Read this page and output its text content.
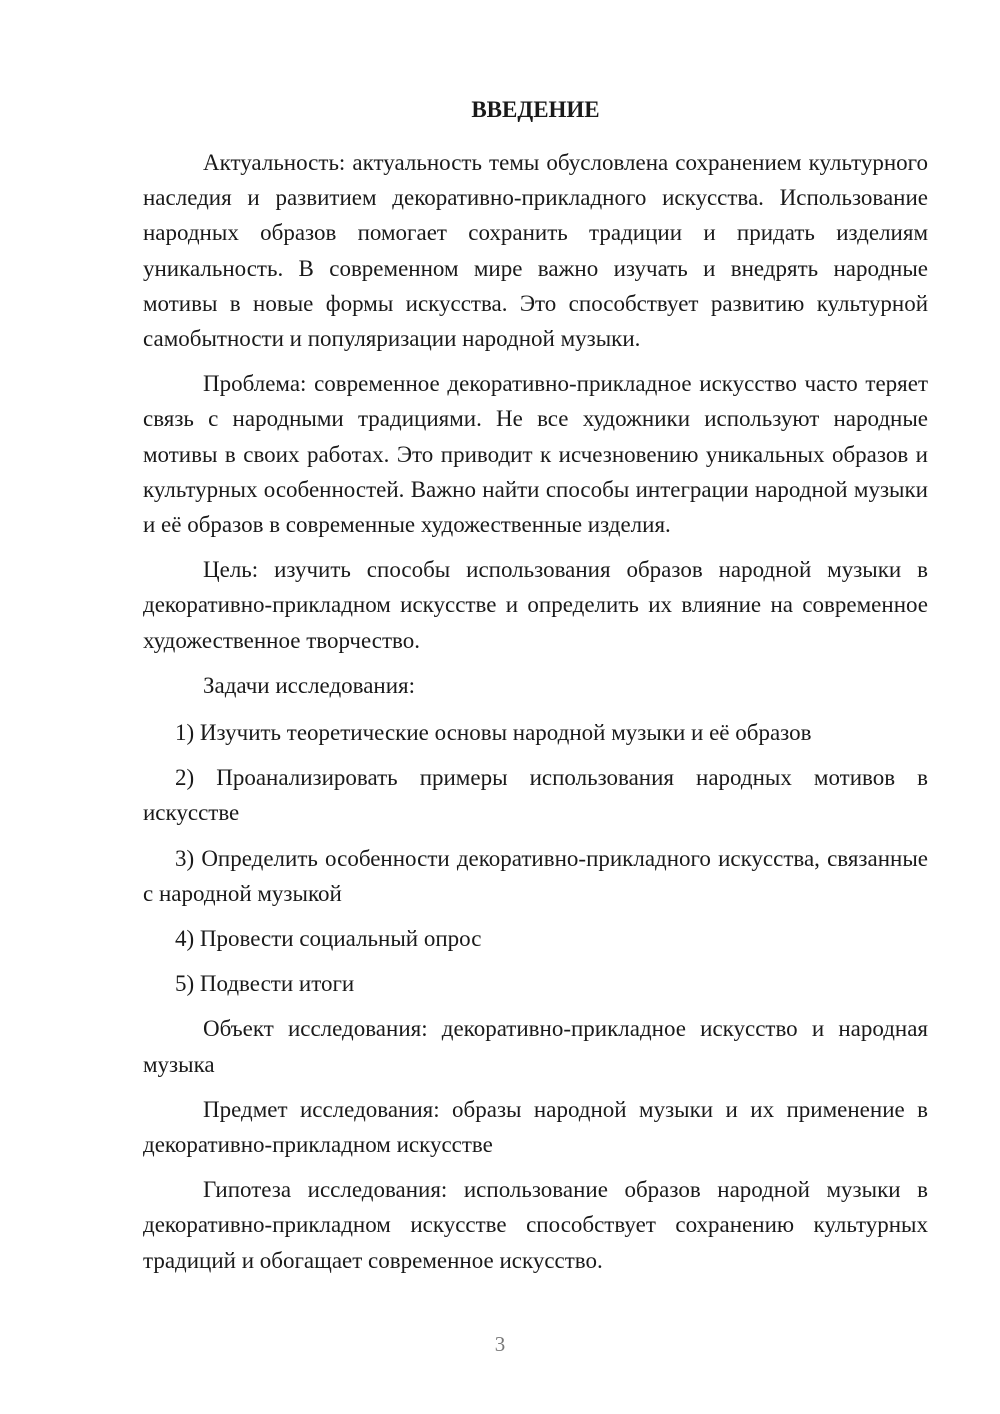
ВВЕДЕНИЕ

Актуальность: актуальность темы обусловлена сохранением культурного наследия и развитием декоративно-прикладного искусства. Использование народных образов помогает сохранить традиции и придать изделиям уникальность. В современном мире важно изучать и внедрять народные мотивы в новые формы искусства. Это способствует развитию культурной самобытности и популяризации народной музыки.

Проблема: современное декоративно-прикладное искусство часто теряет связь с народными традициями. Не все художники используют народные мотивы в своих работах. Это приводит к исчезновению уникальных образов и культурных особенностей. Важно найти способы интеграции народной музыки и её образов в современные художественные изделия.

Цель: изучить способы использования образов народной музыки в декоративно-прикладном искусстве и определить их влияние на современное художественное творчество.

Задачи исследования:

1) Изучить теоретические основы народной музыки и её образов

2) Проанализировать примеры использования народных мотивов в искусстве

3) Определить особенности декоративно-прикладного искусства, связанные с народной музыкой

4) Провести социальный опрос

5) Подвести итоги

Объект исследования: декоративно-прикладное искусство и народная музыка

Предмет исследования: образы народной музыки и их применение в декоративно-прикладном искусстве

Гипотеза исследования: использование образов народной музыки в декоративно-прикладном искусстве способствует сохранению культурных традиций и обогащает современное искусство.

3
